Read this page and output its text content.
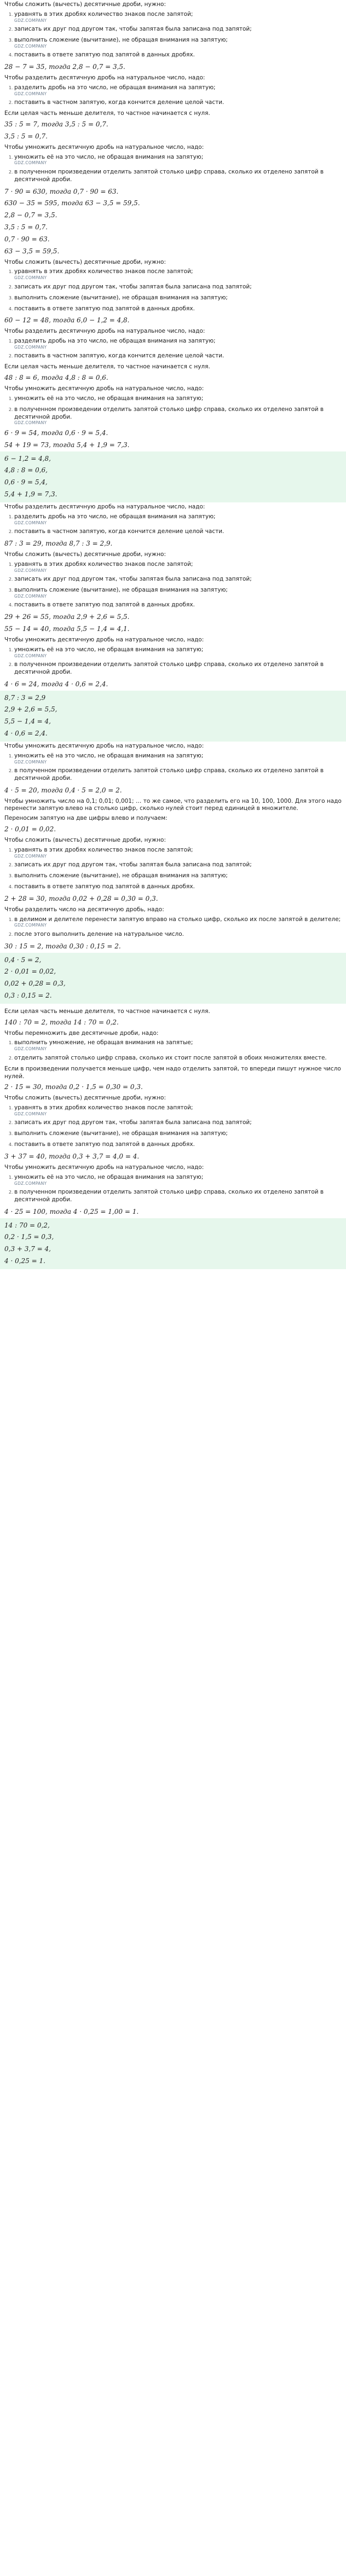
Чтобы сложить (вычесть) десятичные дроби, нужно:

1. уравнять в этих дробях количество знаков после запятой;
GDZ.COMPANY
2. записать их друг под другом так, чтобы запятая была записана под запятой;
3. выполнить сложение (вычитание), не обращая внимания на запятую;
GDZ.COMPANY
4. поставить в ответе запятую под запятой в данных дробях.

28 − 7 = 35, тогда 2,8 − 0,7 = 3,5.

Чтобы разделить десятичную дробь на натуральное число, надо:

1. разделить дробь на это число, не обращая внимания на запятую;
GDZ.COMPANY
2. поставить в частном запятую, когда кончится деление целой части.

Если целая часть меньше делителя, то частное начинается с нуля.

35 : 5 = 7, тогда 3,5 : 5 = 0,7.

3,5 : 5 = 0,7.

Чтобы умножить десятичную дробь на натуральное число, надо:

1. умножить её на это число, не обращая внимания на запятую;
GDZ.COMPANY
2. в полученном произведении отделить запятой столько цифр справа, сколько их отделено запятой в десятичной дроби.

7 · 90 = 630, тогда 0,7 · 90 = 63.

630 − 35 = 595, тогда 63 − 3,5 = 59,5.

2,8 − 0,7 = 3,5.

3,5 : 5 = 0,7.

0,7 · 90 = 63.

63 − 3,5 = 59,5.

Чтобы сложить (вычесть) десятичные дроби, нужно:

1. уравнять в этих дробях количество знаков после запятой;
GDZ.COMPANY
2. записать их друг под другом так, чтобы запятая была записана под запятой;
3. выполнить сложение (вычитание), не обращая внимания на запятую;
4. поставить в ответе запятую под запятой в данных дробях.

60 − 12 = 48, тогда 6,0 − 1,2 = 4,8.

Чтобы разделить десятичную дробь на натуральное число, надо:

1. разделить дробь на это число, не обращая внимания на запятую;
GDZ.COMPANY
2. поставить в частном запятую, когда кончится деление целой части.

Если целая часть меньше делителя, то частное начинается с нуля.

48 : 8 = 6, тогда 4,8 : 8 = 0,6.

Чтобы умножить десятичную дробь на натуральное число, надо:

1. умножить её на это число, не обращая внимания на запятую;
2. в полученном произведении отделить запятой столько цифр справа, сколько их отделено запятой в десятичной дроби.
GDZ.COMPANY

6 · 9 = 54, тогда 0,6 · 9 = 5,4.

54 + 19 = 73, тогда 5,4 + 1,9 = 7,3.

6 − 1,2 = 4,8,

4,8 : 8 = 0,6,

0,6 · 9 = 5,4,

5,4 + 1,9 = 7,3.

Чтобы разделить десятичную дробь на натуральное число, надо:

1. разделить дробь на это число, не обращая внимания на запятую;
GDZ.COMPANY
2. поставить в частном запятую, когда кончится деление целой части.

87 : 3 = 29, тогда 8,7 : 3 = 2,9.

Чтобы сложить (вычесть) десятичные дроби, нужно:

1. уравнять в этих дробях количество знаков после запятой;
GDZ.COMPANY
2. записать их друг под другом так, чтобы запятая была записана под запятой;
3. выполнить сложение (вычитание), не обращая внимания на запятую;
GDZ.COMPANY
4. поставить в ответе запятую под запятой в данных дробях.

29 + 26 = 55, тогда 2,9 + 2,6 = 5,5.

55 − 14 = 40, тогда 5,5 − 1,4 = 4,1.

Чтобы умножить десятичную дробь на натуральное число, надо:

1. умножить её на это число, не обращая внимания на запятую;
GDZ.COMPANY
2. в полученном произведении отделить запятой столько цифр справа, сколько их отделено запятой в десятичной дроби.

4 · 6 = 24, тогда 4 · 0,6 = 2,4.

8,7 : 3 = 2,9

2,9 + 2,6 = 5,5,

5,5 − 1,4 = 4,

4 · 0,6 = 2,4.

Чтобы умножить десятичную дробь на натуральное число, надо:

1. умножить её на это число, не обращая внимания на запятую;
GDZ.COMPANY
2. в полученном произведении отделить запятой столько цифр справа, сколько их отделено запятой в десятичной дроби.

4 · 5 = 20, тогда 0,4 · 5 = 2,0 = 2.

Чтобы умножить число на 0,1; 0,01; 0,001; … то же самое, что разделить его на 10, 100, 1000. Для этого надо перенести запятую влево на столько цифр, сколько нулей стоит перед единицей в множителе.

Переносим запятую на две цифры влево и получаем:

2 · 0,01 = 0,02.

Чтобы сложить (вычесть) десятичные дроби, нужно:

1. уравнять в этих дробях количество знаков после запятой;
GDZ.COMPANY
2. записать их друг под другом так, чтобы запятая была записана под запятой;
3. выполнить сложение (вычитание), не обращая внимания на запятую;
4. поставить в ответе запятую под запятой в данных дробях.

2 + 28 = 30, тогда 0,02 + 0,28 = 0,30 = 0,3.

Чтобы разделить число на десятичную дробь, надо:

1. в делимом и делителе перенести запятую вправо на столько цифр, сколько их после запятой в делителе;
GDZ.COMPANY
2. после этого выполнить деление на натуральное число.

30 : 15 = 2, тогда 0,30 : 0,15 = 2.

0,4 · 5 = 2,

2 · 0,01 = 0,02,

0,02 + 0,28 = 0,3,

0,3 : 0,15 = 2.

Если целая часть меньше делителя, то частное начинается с нуля.

140 : 70 = 2, тогда 14 : 70 = 0,2.

Чтобы перемножить две десятичные дроби, надо:

1. выполнить умножение, не обращая внимания на запятые;
GDZ.COMPANY
2. отделить запятой столько цифр справа, сколько их стоит после запятой в обоих множителях вместе.

Если в произведении получается меньше цифр, чем надо отделить запятой, то впереди пишут нужное число нулей.

2 · 15 = 30, тогда 0,2 · 1,5 = 0,30 = 0,3.

Чтобы сложить (вычесть) десятичные дроби, нужно:

1. уравнять в этих дробях количество знаков после запятой;
GDZ.COMPANY
2. записать их друг под другом так, чтобы запятая была записана под запятой;
3. выполнить сложение (вычитание), не обращая внимания на запятую;
4. поставить в ответе запятую под запятой в данных дробях.

3 + 37 = 40, тогда 0,3 + 3,7 = 4,0 = 4.

Чтобы умножить десятичную дробь на натуральное число, надо:

1. умножить её на это число, не обращая внимания на запятую;
GDZ.COMPANY
2. в полученном произведении отделить запятой столько цифр справа, сколько их отделено запятой в десятичной дроби.

4 · 25 = 100, тогда 4 · 0,25 = 1,00 = 1.

14 : 70 = 0,2,

0,2 · 1,5 = 0,3,

0,3 + 3,7 = 4,

4 · 0,25 = 1.
